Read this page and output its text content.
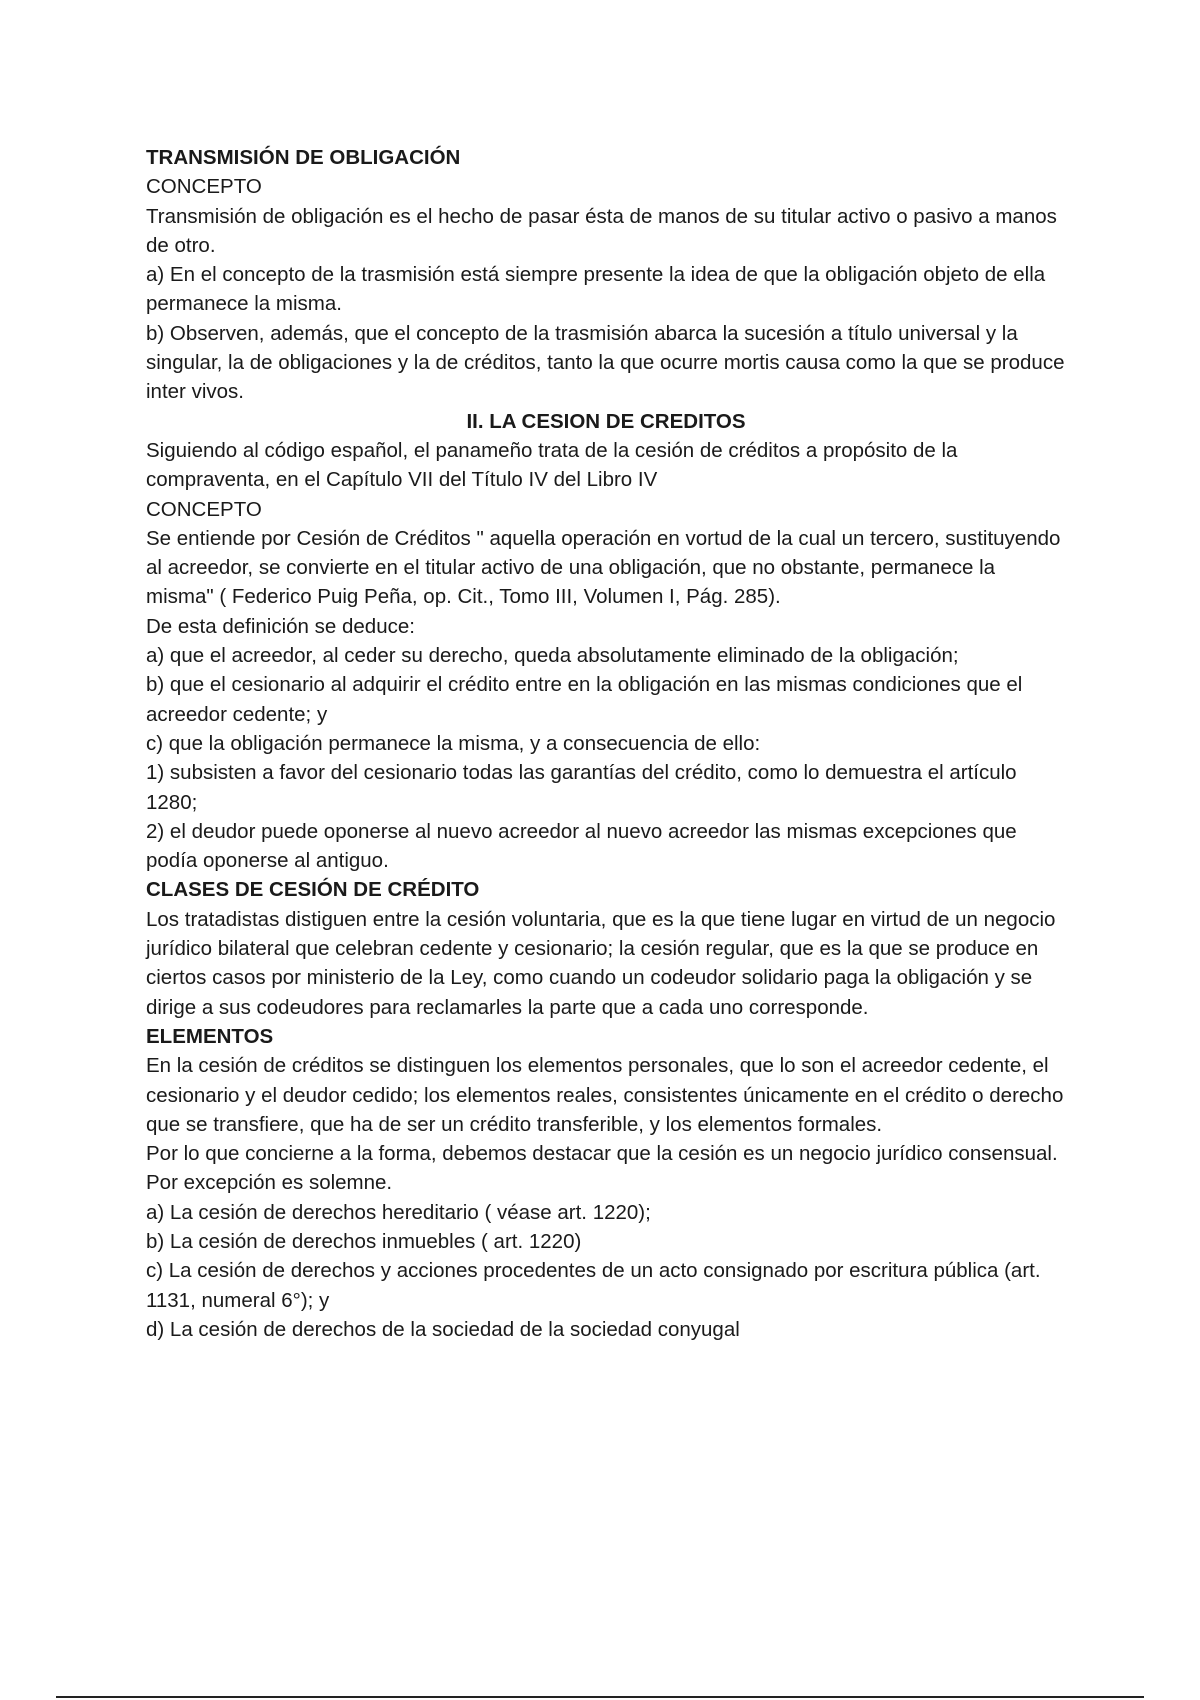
TRANSMISIÓN DE OBLIGACIÓN

CONCEPTO

Transmisión de obligación es el hecho de pasar ésta de manos de su titular activo o pasivo a manos de otro.

a) En el concepto de la trasmisión está siempre presente la idea de que la obligación objeto de ella permanece la misma.

b) Observen, además, que el concepto de la trasmisión abarca la sucesión a título universal y la singular, la de obligaciones y la de créditos, tanto la que ocurre mortis causa como la que se produce inter vivos.

II. LA CESION DE CREDITOS

Siguiendo al código español, el panameño trata de la cesión de créditos a propósito de la compraventa, en el Capítulo VII del Título IV del Libro IV

CONCEPTO

Se entiende por Cesión de Créditos " aquella operación en vortud de la cual un tercero, sustituyendo al acreedor, se convierte en el titular activo de una obligación, que no obstante, permanece la misma" ( Federico Puig Peña, op. Cit., Tomo III, Volumen I, Pág. 285).

De esta definición se deduce:

a) que el acreedor, al ceder su derecho, queda absolutamente eliminado de la obligación;

b) que el cesionario al adquirir el crédito entre en la obligación en las mismas condiciones que el acreedor cedente; y

c) que la obligación permanece la misma, y a consecuencia de ello:

1) subsisten a favor del cesionario todas las garantías del crédito, como lo demuestra el artículo 1280;

2) el deudor puede oponerse al nuevo acreedor al nuevo acreedor las mismas excepciones que podía oponerse al antiguo.

CLASES DE CESIÓN DE CRÉDITO

Los tratadistas distiguen entre la cesión voluntaria, que es la que tiene lugar en virtud de un negocio jurídico bilateral que celebran cedente y cesionario; la cesión regular, que es la que se produce en ciertos casos por ministerio de la Ley, como cuando un codeudor solidario paga la obligación y se dirige a sus codeudores para reclamarles la parte que a cada uno corresponde.

ELEMENTOS

En la cesión de créditos se distinguen los elementos personales, que lo son el acreedor cedente, el cesionario y el deudor cedido; los elementos reales, consistentes únicamente en el crédito o derecho que se transfiere, que ha de ser un crédito transferible, y los elementos formales.

Por lo que concierne a la forma, debemos destacar que la cesión es un negocio jurídico consensual. Por excepción es solemne.

a) La cesión de derechos hereditario ( véase art. 1220);

b) La cesión de derechos inmuebles ( art. 1220)

c) La cesión de derechos y acciones procedentes de un acto consignado por escritura pública (art. 1131, numeral 6°); y

d) La cesión de derechos de la sociedad de la sociedad conyugal
